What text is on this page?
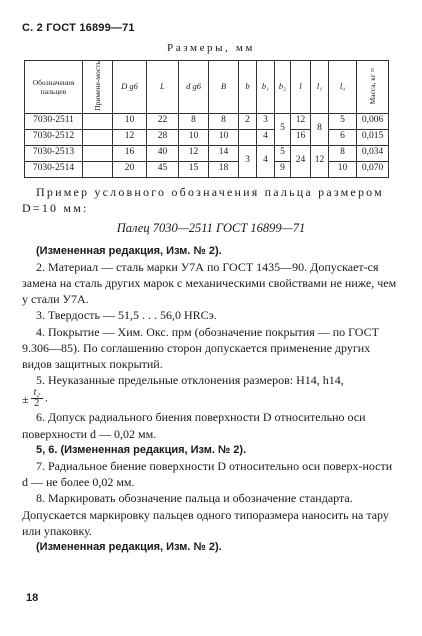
С. 2 ГОСТ 16899—71
Размеры, мм
Обозначения пальцев	Примене-мость	D g6	L	d g6	B	b	b₁	b₂	l	l₁	l₀	Масса, кг ≈
7030-2511		10	22	8	8	2	3	5	12	8	5	0,006
7030-2512		12	28	10	10		4		16		6	0,015
7030-2513		16	40	12	14	3	4	5	24	12	8	0,034
7030-2514		20	45	15	18			9			10	0,070

Пример условного обозначения пальца размером D=10 мм:

Палец 7030—2511 ГОСТ 16899—71

(Измененная редакция, Изм. № 2).

2. Материал — сталь марки У7А по ГОСТ 1435—90. Допускает-ся замена на сталь других марок с механическими свойствами не ниже, чем у стали У7А.

3. Твердость — 51,5 . . . 56,0 HRCэ.

4. Покрытие — Хим. Окс. прм (обозначение покрытия — по ГОСТ 9.306—85). По соглашению сторон допускается применение других видов защитных покрытий.

5. Неуказанные предельные отклонения размеров: H14, h14,

± $\frac{\text{t₂}}{2}$ .

6. Допуск радиального биения поверхности D относительно оси поверхности d — 0,02 мм.

5, 6. (Измененная редакция, Изм. № 2).

7. Радиальное биение поверхности D относительно оси поверх-ности d — не более 0,02 мм.

8. Маркировать обозначение пальца и обозначение стандарта. Допускается маркировку пальцев одного типоразмера наносить на тару или упаковку.

(Измененная редакция, Изм. № 2).

18
